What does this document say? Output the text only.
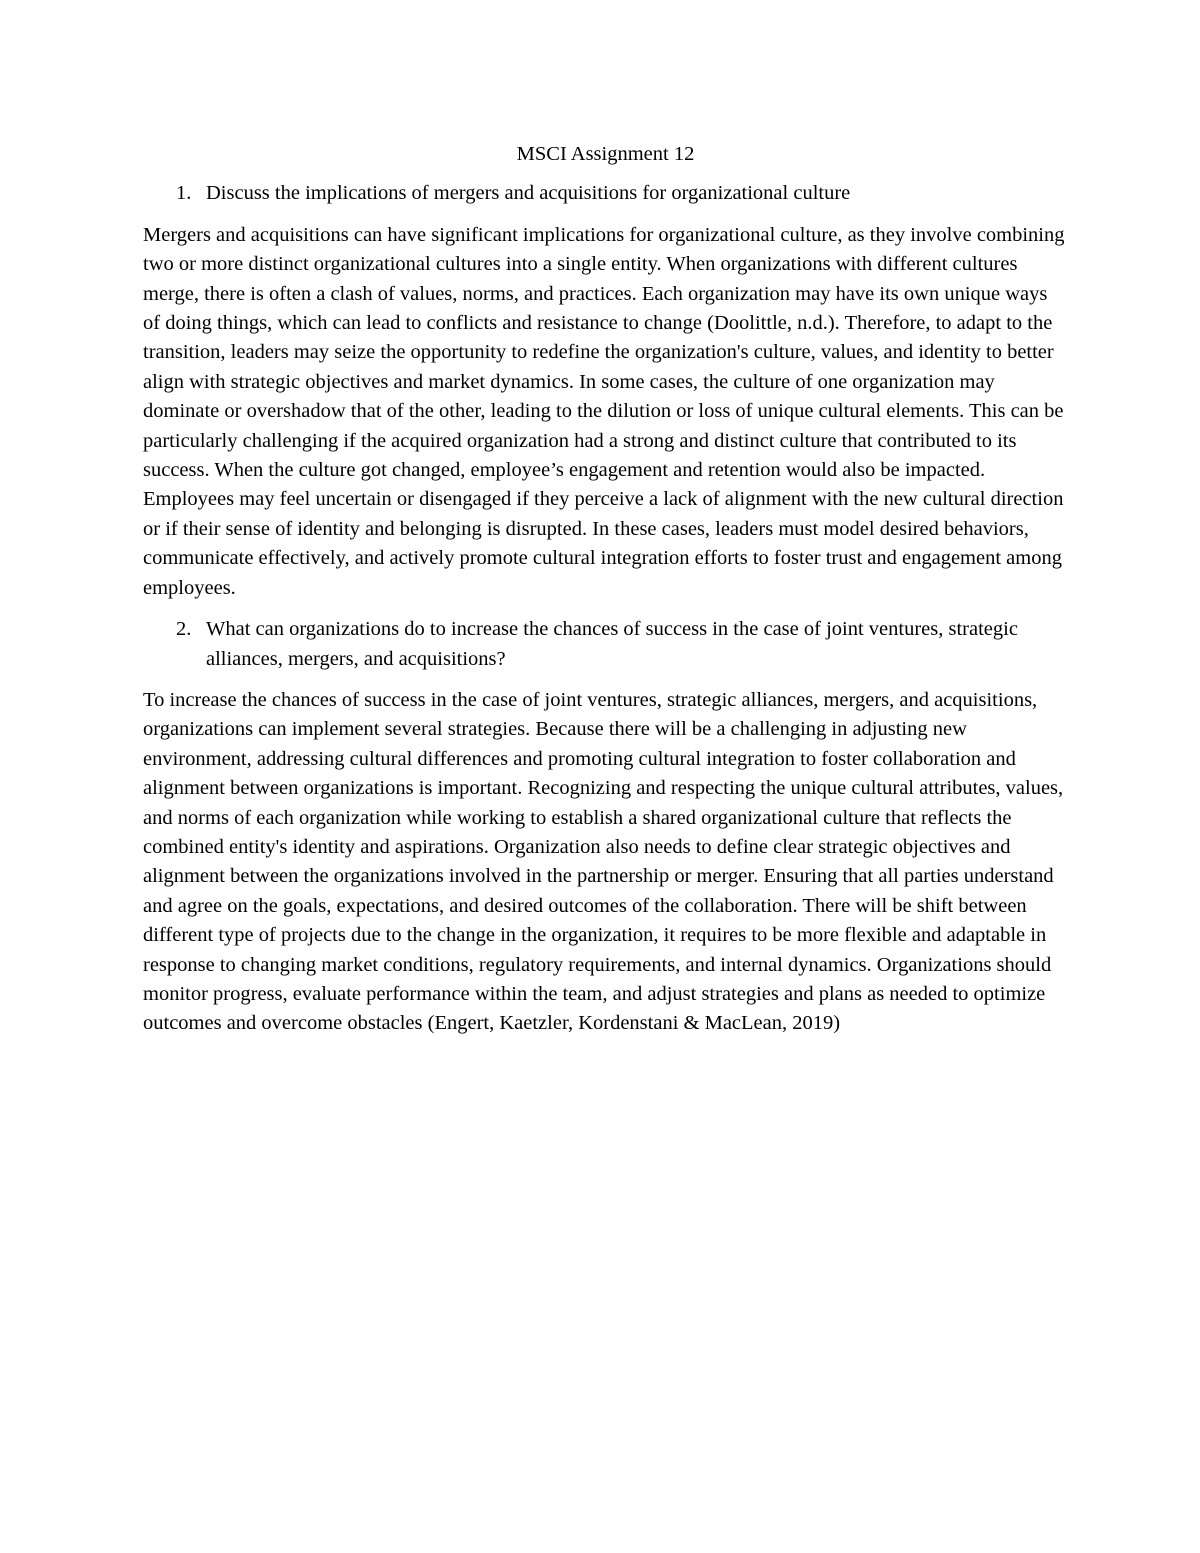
MSCI Assignment 12
1. Discuss the implications of mergers and acquisitions for organizational culture

Mergers and acquisitions can have significant implications for organizational culture, as they involve combining two or more distinct organizational cultures into a single entity. When organizations with different cultures merge, there is often a clash of values, norms, and practices. Each organization may have its own unique ways of doing things, which can lead to conflicts and resistance to change (Doolittle, n.d.). Therefore, to adapt to the transition, leaders may seize the opportunity to redefine the organization's culture, values, and identity to better align with strategic objectives and market dynamics. In some cases, the culture of one organization may dominate or overshadow that of the other, leading to the dilution or loss of unique cultural elements. This can be particularly challenging if the acquired organization had a strong and distinct culture that contributed to its success. When the culture got changed, employee’s engagement and retention would also be impacted. Employees may feel uncertain or disengaged if they perceive a lack of alignment with the new cultural direction or if their sense of identity and belonging is disrupted. In these cases, leaders must model desired behaviors, communicate effectively, and actively promote cultural integration efforts to foster trust and engagement among employees.

2. What can organizations do to increase the chances of success in the case of joint ventures, strategic alliances, mergers, and acquisitions?

To increase the chances of success in the case of joint ventures, strategic alliances, mergers, and acquisitions, organizations can implement several strategies. Because there will be a challenging in adjusting new environment, addressing cultural differences and promoting cultural integration to foster collaboration and alignment between organizations is important. Recognizing and respecting the unique cultural attributes, values, and norms of each organization while working to establish a shared organizational culture that reflects the combined entity's identity and aspirations. Organization also needs to define clear strategic objectives and alignment between the organizations involved in the partnership or merger. Ensuring that all parties understand and agree on the goals, expectations, and desired outcomes of the collaboration. There will be shift between different type of projects due to the change in the organization, it requires to be more flexible and adaptable in response to changing market conditions, regulatory requirements, and internal dynamics. Organizations should monitor progress, evaluate performance within the team, and adjust strategies and plans as needed to optimize outcomes and overcome obstacles (Engert, Kaetzler, Kordenstani & MacLean, 2019)
